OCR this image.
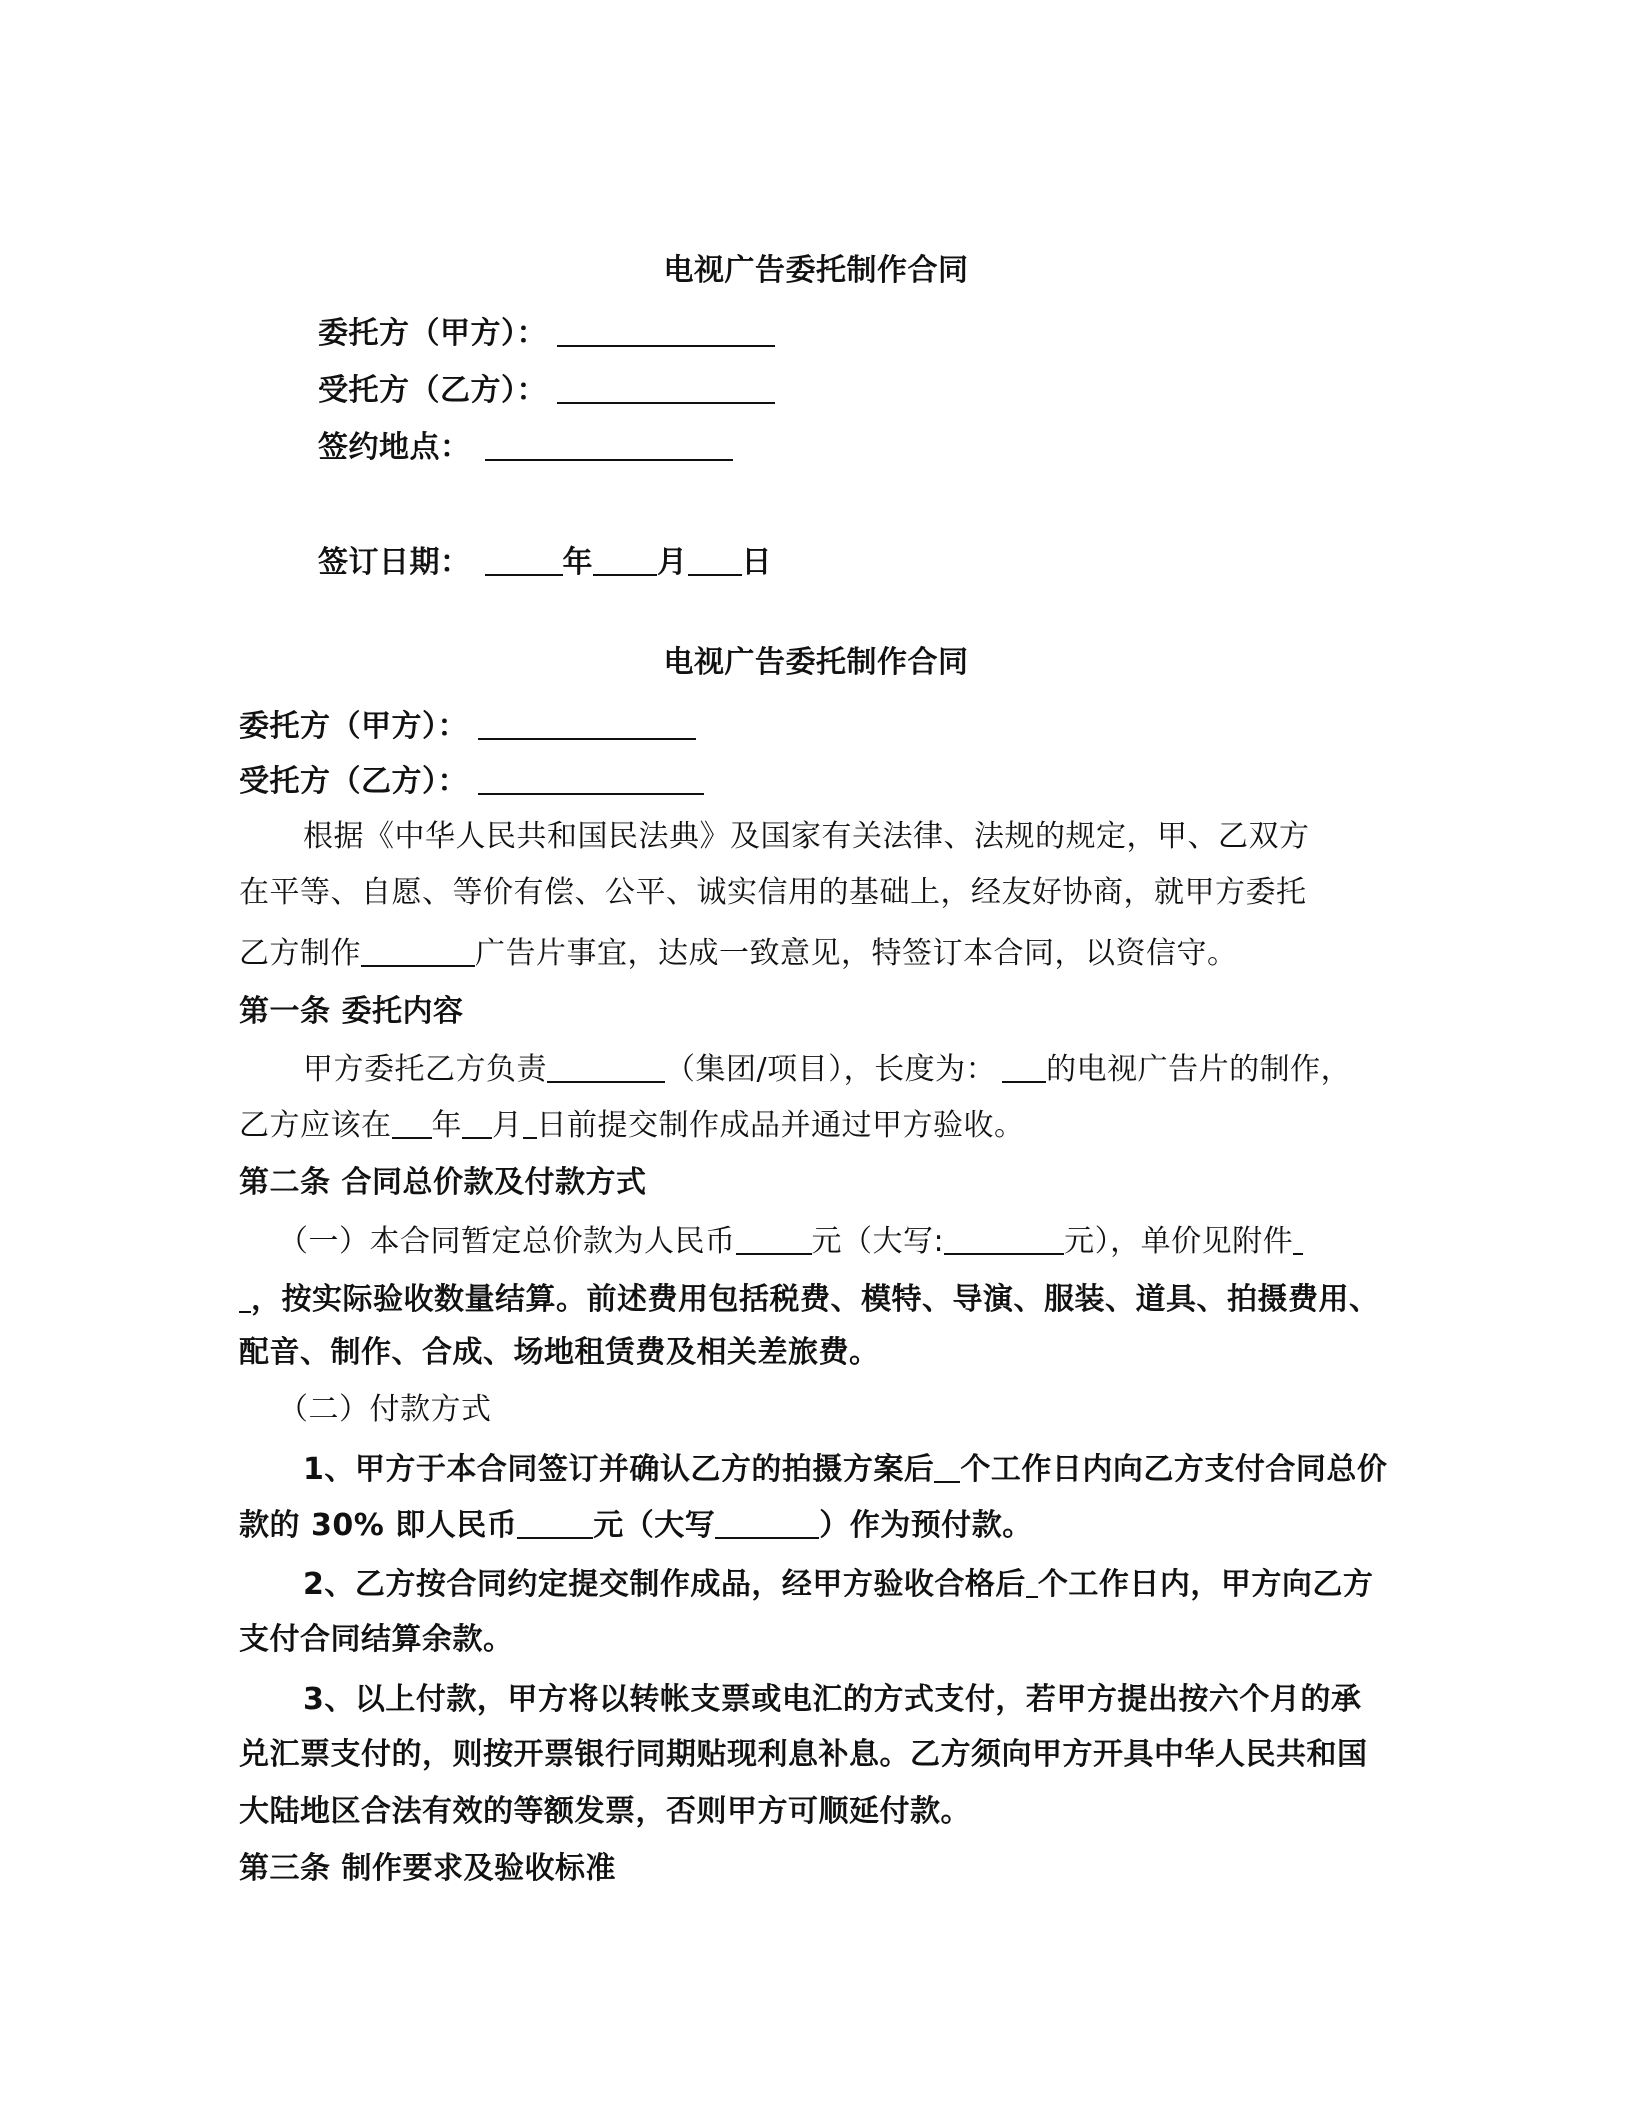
电视广告委托制作合同
委托方（甲方）：
受托方（乙方）：
签约地点：
签订日期：	年 月 日
电视广告委托制作合同
委托方（甲方）：
受托方（乙方）：
根据《中华人民共和国民法典》及国家有关法律、法规的规定，甲、乙双方
在平等、自愿、等价有偿、公平、诚实信用的基础上，经友好协商，就甲方委托
乙方制作	广告片事宜，达成一致意见，特签订本合同，以资信守。
第一条 委托内容
甲方委托乙方负责	（集团/项目），长度为： 的电视广告片的制作，
乙方应该在 年 月 日前提交制作成品并通过甲方验收。
第二条 合同总价款及付款方式
（一）本合同暂定总价款为人民币	元（大写:	元），单价见附件
，按实际验收数量结算。前述费用包括税费、模特、导演、服装、道具、拍摄费用、
配音、制作、合成、场地租赁费及相关差旅费。
（二）付款方式
1、甲方于本合同签订并确认乙方的拍摄方案后 个工作日内向乙方支付合同总价
款的 30% 即人民币	元（大写	）作为预付款。
2、乙方按合同约定提交制作成品，经甲方验收合格后 个工作日内，甲方向乙方
支付合同结算余款。
3、以上付款，甲方将以转帐支票或电汇的方式支付，若甲方提出按六个月的承
兑汇票支付的，则按开票银行同期贴现利息补息。乙方须向甲方开具中华人民共和国
大陆地区合法有效的等额发票，否则甲方可顺延付款。
第三条 制作要求及验收标准
